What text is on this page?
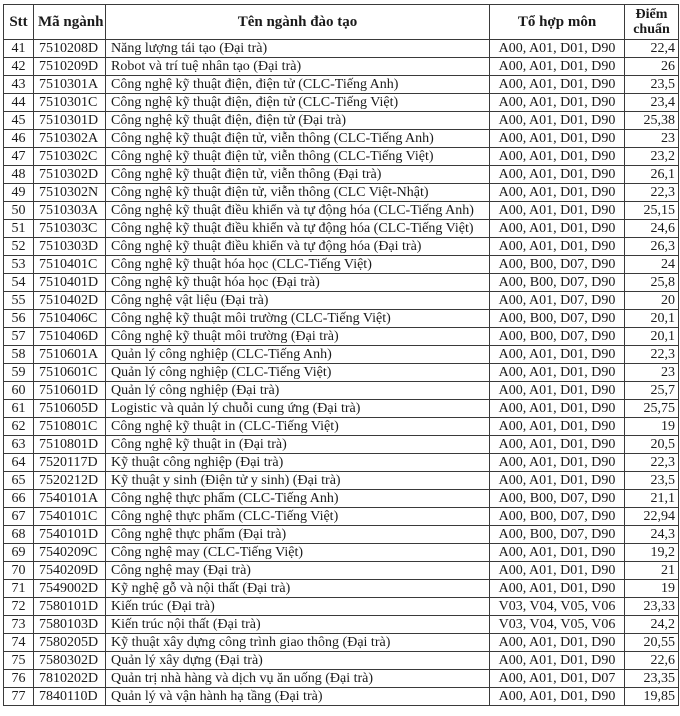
Stt	Mã ngành	Tên ngành đào tạo	Tổ hợp môn	Điểm chuẩn
41	7510208D	Năng lượng tái tạo (Đại trà)	A00, A01, D01, D90	22,4
42	7510209D	Robot và trí tuệ nhân tạo (Đại trà)	A00, A01, D01, D90	26
43	7510301A	Công nghệ kỹ thuật điện, điện tử (CLC-Tiếng Anh)	A00, A01, D01, D90	23,5
44	7510301C	Công nghệ kỹ thuật điện, điện tử (CLC-Tiếng Việt)	A00, A01, D01, D90	23,4
45	7510301D	Công nghệ kỹ thuật điện, điện tử (Đại trà)	A00, A01, D01, D90	25,38
46	7510302A	Công nghệ kỹ thuật điện tử, viễn thông (CLC-Tiếng Anh)	A00, A01, D01, D90	23
47	7510302C	Công nghệ kỹ thuật điện tử, viễn thông (CLC-Tiếng Việt)	A00, A01, D01, D90	23,2
48	7510302D	Công nghệ kỹ thuật điện tử, viễn thông (Đại trà)	A00, A01, D01, D90	26,1
49	7510302N	Công nghệ kỹ thuật điện tử, viễn thông (CLC Việt-Nhật)	A00, A01, D01, D90	22,3
50	7510303A	Công nghệ kỹ thuật điều khiển và tự động hóa (CLC-Tiếng Anh)	A00, A01, D01, D90	25,15
51	7510303C	Công nghệ kỹ thuật điều khiển và tự động hóa (CLC-Tiếng Việt)	A00, A01, D01, D90	24,6
52	7510303D	Công nghệ kỹ thuật điều khiển và tự động hóa (Đại trà)	A00, A01, D01, D90	26,3
53	7510401C	Công nghệ kỹ thuật hóa học (CLC-Tiếng Việt)	A00, B00, D07, D90	24
54	7510401D	Công nghệ kỹ thuật hóa học (Đại trà)	A00, B00, D07, D90	25,8
55	7510402D	Công nghệ vật liệu (Đại trà)	A00, A01, D07, D90	20
56	7510406C	Công nghệ kỹ thuật môi trường (CLC-Tiếng Việt)	A00, B00, D07, D90	20,1
57	7510406D	Công nghệ kỹ thuật môi trường (Đại trà)	A00, B00, D07, D90	20,1
58	7510601A	Quản lý công nghiệp (CLC-Tiếng Anh)	A00, A01, D01, D90	22,3
59	7510601C	Quản lý công nghiệp (CLC-Tiếng Việt)	A00, A01, D01, D90	23
60	7510601D	Quản lý công nghiệp (Đại trà)	A00, A01, D01, D90	25,7
61	7510605D	Logistic và quản lý chuỗi cung ứng (Đại trà)	A00, A01, D01, D90	25,75
62	7510801C	Công nghệ kỹ thuật in (CLC-Tiếng Việt)	A00, A01, D01, D90	19
63	7510801D	Công nghệ kỹ thuật in (Đại trà)	A00, A01, D01, D90	20,5
64	7520117D	Kỹ thuật công nghiệp (Đại trà)	A00, A01, D01, D90	22,3
65	7520212D	Kỹ thuật y sinh (Điện tử y sinh) (Đại trà)	A00, A01, D01, D90	23,5
66	7540101A	Công nghệ thực phẩm (CLC-Tiếng Anh)	A00, B00, D07, D90	21,1
67	7540101C	Công nghệ thực phẩm (CLC-Tiếng Việt)	A00, B00, D07, D90	22,94
68	7540101D	Công nghệ thực phẩm (Đại trà)	A00, B00, D07, D90	24,3
69	7540209C	Công nghệ may (CLC-Tiếng Việt)	A00, A01, D01, D90	19,2
70	7540209D	Công nghệ may (Đại trà)	A00, A01, D01, D90	21
71	7549002D	Kỹ nghệ gỗ và nội thất (Đại trà)	A00, A01, D01, D90	19
72	7580101D	Kiến trúc (Đại trà)	V03, V04, V05, V06	23,33
73	7580103D	Kiến trúc nội thất (Đại trà)	V03, V04, V05, V06	24,2
74	7580205D	Kỹ thuật xây dựng công trình giao thông (Đại trà)	A00, A01, D01, D90	20,55
75	7580302D	Quản lý xây dựng (Đại trà)	A00, A01, D01, D90	22,6
76	7810202D	Quản trị nhà hàng và dịch vụ ăn uống (Đại trà)	A00, A01, D01, D07	23,35
77	7840110D	Quản lý và vận hành hạ tầng (Đại trà)	A00, A01, D01, D90	19,85
